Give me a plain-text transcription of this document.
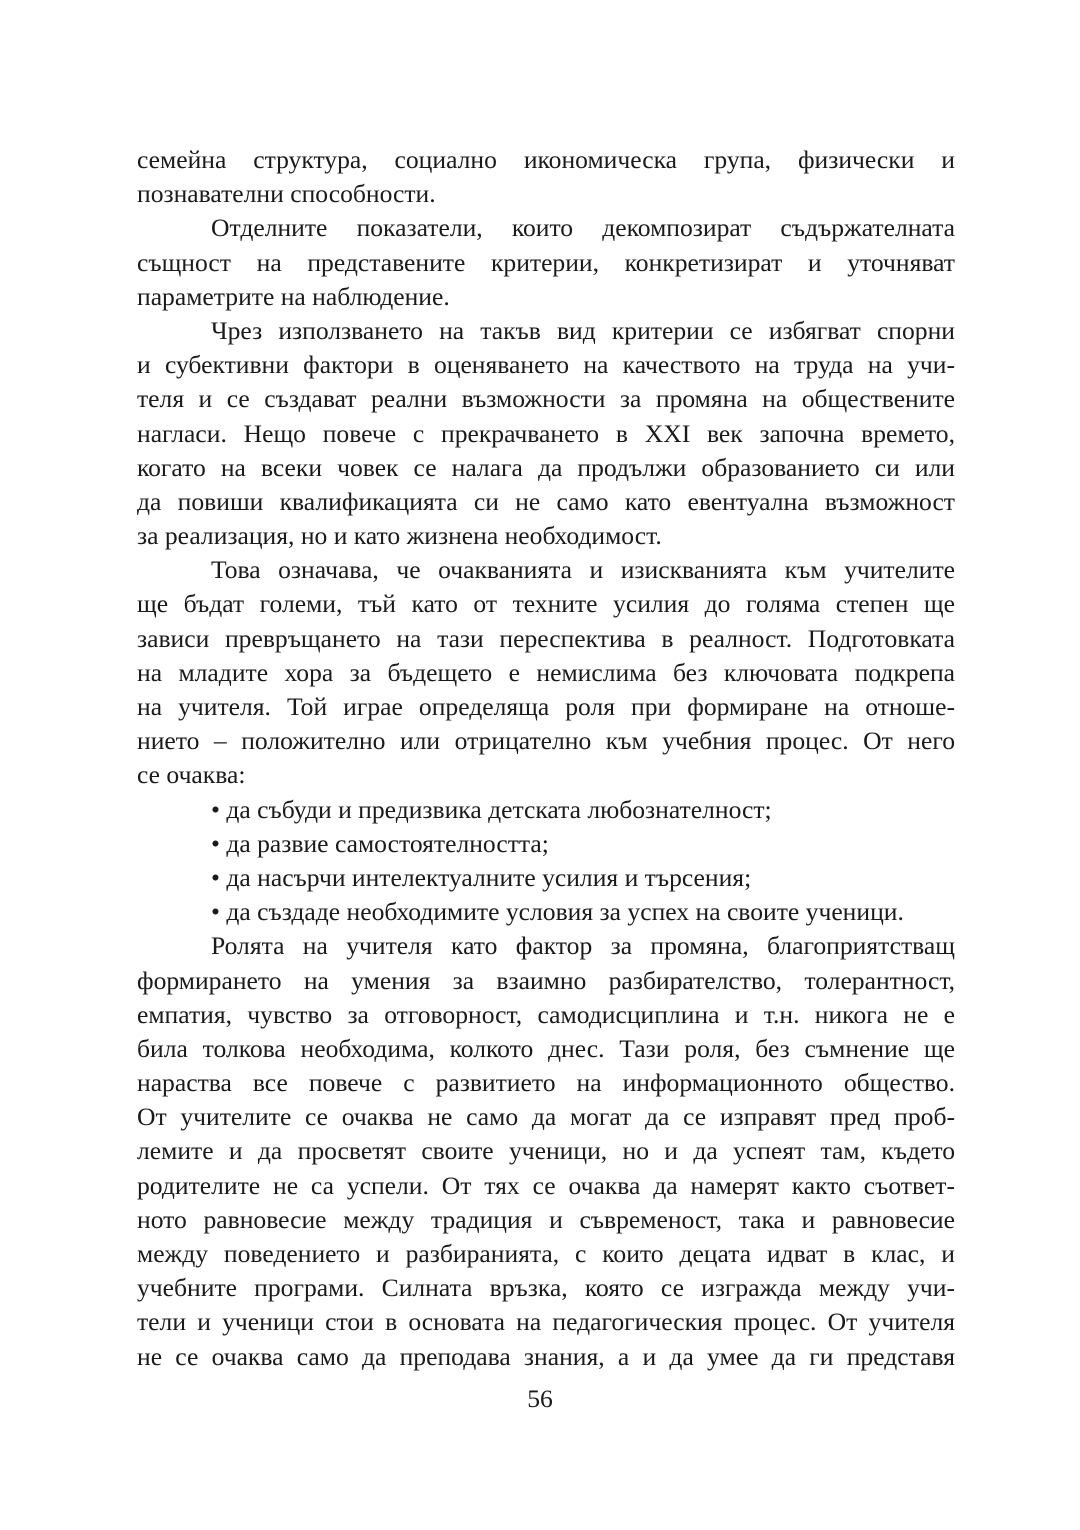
семейна структура, социално икономическа група, физически и
познавателни способности.
Отделните показатели, които декомпозират съдържателната
същност на представените критерии, конкретизират и уточняват
параметрите на наблюдение.
Чрез използването на такъв вид критерии се избягват спорни
и субективни фактори в оценяването на качеството на труда на учи-
теля и се създават реални възможности за промяна на обществените
нагласи. Нещо повече с прекрачването в XXI век започна времето,
когато на всеки човек се налага да продължи образованието си или
да повиши квалификацията си не само като евентуална възможност
за реализация, но и като жизнена необходимост.
Това означава, че очакванията и изискванията към учителите
ще бъдат големи, тъй като от техните усилия до голяма степен ще
зависи превръщането на тази переспектива в реалност. Подготовката
на младите хора за бъдещето е немислима без ключовата подкрепа
на учителя. Той играе определяща роля при формиране на отноше-
нието – положително или отрицателно към учебния процес. От него
се очаква:
• да събуди и предизвика детската любознателност;
• да развие самостоятелността;
• да насърчи интелектуалните усилия и търсения;
• да създаде необходимите условия за успех на своите ученици.
Ролята на учителя като фактор за промяна, благоприятстващ
формирането на умения за взаимно разбирателство, толерантност,
емпатия, чувство за отговорност, самодисциплина и т.н. никога не е
била толкова необходима, колкото днес. Тази роля, без съмнение ще
нараства все повече с развитието на информационното общество.
От учителите се очаква не само да могат да се изправят пред проб-
лемите и да просветят своите ученици, но и да успеят там, където
родителите не са успели. От тях се очаква да намерят както съответ-
ното равновесие между традиция и съвременост, така и равновесие
между поведението и разбиранията, с които децата идват в клас, и
учебните програми. Силната връзка, която се изгражда между учи-
тели и ученици стои в основата на педагогическия процес. От учителя
не се очаква само да преподава знания, а и да умее да ги представя
56
